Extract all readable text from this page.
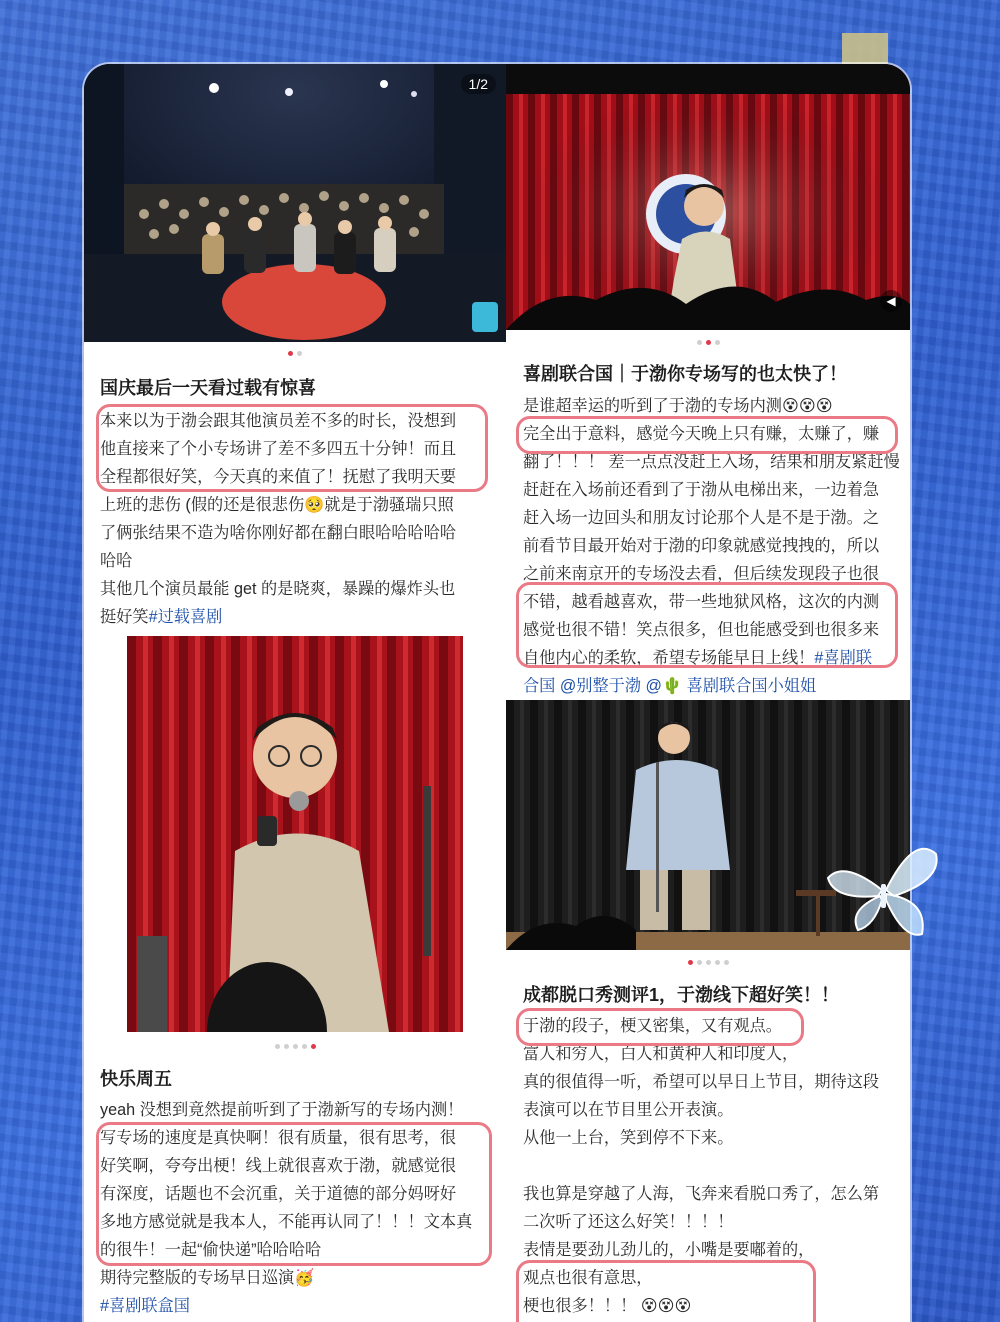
1/2
国庆最后一天看过载有惊喜

本来以为于渤会跟其他演员差不多的时长，没想到

他直接来了个小专场讲了差不多四五十分钟！而且

全程都很好笑，今天真的来值了！抚慰了我明天要

上班的悲伤 (假的还是很悲伤🥺就是于渤骚瑞只照

了俩张结果不造为啥你刚好都在翻白眼哈哈哈哈哈

哈哈

其他几个演员最能 get 的是晓爽，暴躁的爆炸头也

挺好笑#过载喜剧

快乐周五

yeah 没想到竟然提前听到了于渤新写的专场内测！

写专场的速度是真快啊！很有质量，很有思考，很

好笑啊，夸夸出梗！线上就很喜欢于渤，就感觉很

有深度，话题也不会沉重，关于道德的部分妈呀好

多地方感觉就是我本人，不能再认同了！！！文本真

的很牛！一起“偷快递”哈哈哈哈

期待完整版的专场早日巡演🥳

#喜剧联盒国

◀
喜剧联合国｜于渤你专场写的也太快了！

是谁超幸运的听到了于渤的专场内测😵😵😵

完全出于意料，感觉今天晚上只有赚，太赚了，赚

翻了！！！ 差一点点没赶上入场，结果和朋友紧赶慢

赶赶在入场前还看到了于渤从电梯出来，一边着急

赶入场一边回头和朋友讨论那个人是不是于渤。之

前看节目最开始对于渤的印象就感觉拽拽的，所以

之前来南京开的专场没去看，但后续发现段子也很

不错，越看越喜欢，带一些地狱风格，这次的内测

感觉也很不错！笑点很多，但也能感受到也很多来

自他内心的柔软，希望专场能早日上线！#喜剧联

合国 @别整于渤 @🌵 喜剧联合国小姐姐

成都脱口秀测评1，于渤线下超好笑！！

于渤的段子，梗又密集，又有观点。

富人和穷人，白人和黄种人和印度人，

真的很值得一听，希望可以早日上节目，期待这段

表演可以在节目里公开表演。

从他一上台，笑到停不下来。

我也算是穿越了人海，飞奔来看脱口秀了，怎么第

二次听了还这么好笑！！！！

表情是要劲儿劲儿的，小嘴是要嘟着的，

观点也很有意思，

梗也很多！！！ 😵😵😵
